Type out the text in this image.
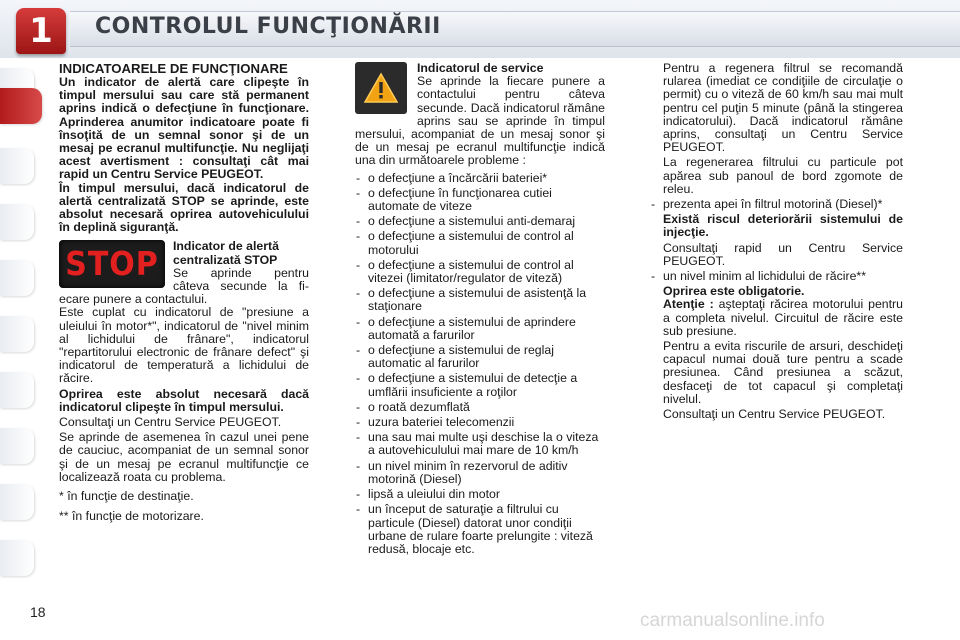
1	CONTROLUL FUNCŢIONĂRII

INDICATOARELE DE FUNCŢIONARE

Un indicator de alertă care clipeşte în timpul mersului sau care stă permanent aprins indică o defecţiune în funcţionare. Aprinderea anumitor indicatoare poate fi însoţită de un semnal sonor şi de un mesaj pe ecranul multifuncţie. Nu neglijaţi acest avertisment : consultaţi cât mai rapid un Centru Service PEUGEOT.

În timpul mersului, dacă indicatorul de alertă centralizată STOP se aprinde, este absolut necesară oprirea autovehiculului în deplină siguranţă.

STOP	Indicator de alertă centralizată STOP

Se aprinde pentru câteva secunde la fiecare punere a contactului.

Este cuplat cu indicatorul de "presiune a uleiului în motor*", indicatorul de "nivel minim al lichidului de frânare", indicatorul "repartitorului electronic de frânare defect" şi indicatorul de temperatură a lichidului de răcire.

Oprirea este absolut necesară dacă indicatorul clipeşte în timpul mersului.

Consultaţi un Centru Service PEUGEOT.

Se aprinde de asemenea în cazul unei pene de cauciuc, acompaniat de un semnal sonor şi de un mesaj pe ecranul multifuncţie ce localizează roata cu problema.

* în funcţie de destinaţie.

** în funcţie de motorizare.

Indicatorul de service

Se aprinde la fiecare punere a contactului pentru câteva secunde. Dacă indicatorul rămâne aprins sau se aprinde în timpul mersului, acompaniat de un mesaj sonor şi de un mesaj pe ecranul multifuncţie indică una din următoarele probleme :

- o defecţiune a încărcării bateriei*
- o defecţiune în funcţionarea cutiei automate de viteze
- o defecţiune a sistemului anti-demaraj
- o defecţiune a sistemului de control al motorului
- o defecţiune a sistemului de control al vitezei (limitator/regulator de viteză)
- o defecţiune a sistemului de asistenţă la staţionare
- o defecţiune a sistemului de aprindere automată a farurilor
- o defecţiune a sistemului de reglaj automatic al farurilor
- o defecţiune a sistemului de detecţie a umflării insuficiente a roţilor
- o roată dezumflată
- uzura bateriei telecomenzii
- una sau mai multe uşi deschise la o viteza a autovehiculului mai mare de 10 km/h
- un nivel minim în rezervorul de aditiv motorină (Diesel)
- lipsă a uleiului din motor
- un început de saturaţie a filtrului cu particule (Diesel) datorat unor condiţii urbane de rulare foarte prelungite : viteză redusă, blocaje etc.

Pentru a regenera filtrul se recomandă rularea (imediat ce condiţiile de circulaţie o permit) cu o viteză de 60 km/h sau mai mult pentru cel puţin 5 minute (până la stingerea indicatorului). Dacă indicatorul rămâne aprins, consultaţi un Centru Service PEUGEOT.

La regenerarea filtrului cu particule pot apărea sub panoul de bord zgomote de releu.

- prezenta apei în filtrul motorină (Diesel)*

Există riscul deteriorării sistemului de injecţie.

Consultaţi rapid un Centru Service PEUGEOT.

- un nivel minim al lichidului de răcire**

Oprirea este obligatorie.

Atenţie : aşteptaţi răcirea motorului pentru a completa nivelul. Circuitul de răcire este sub presiune.

Pentru a evita riscurile de arsuri, deschideţi capacul numai două ture pentru a scade presiunea. Când presiunea a scăzut, desfaceţi de tot capacul şi completaţi nivelul.

Consultaţi un Centru Service PEUGEOT.

18	carmanualsonline.info
